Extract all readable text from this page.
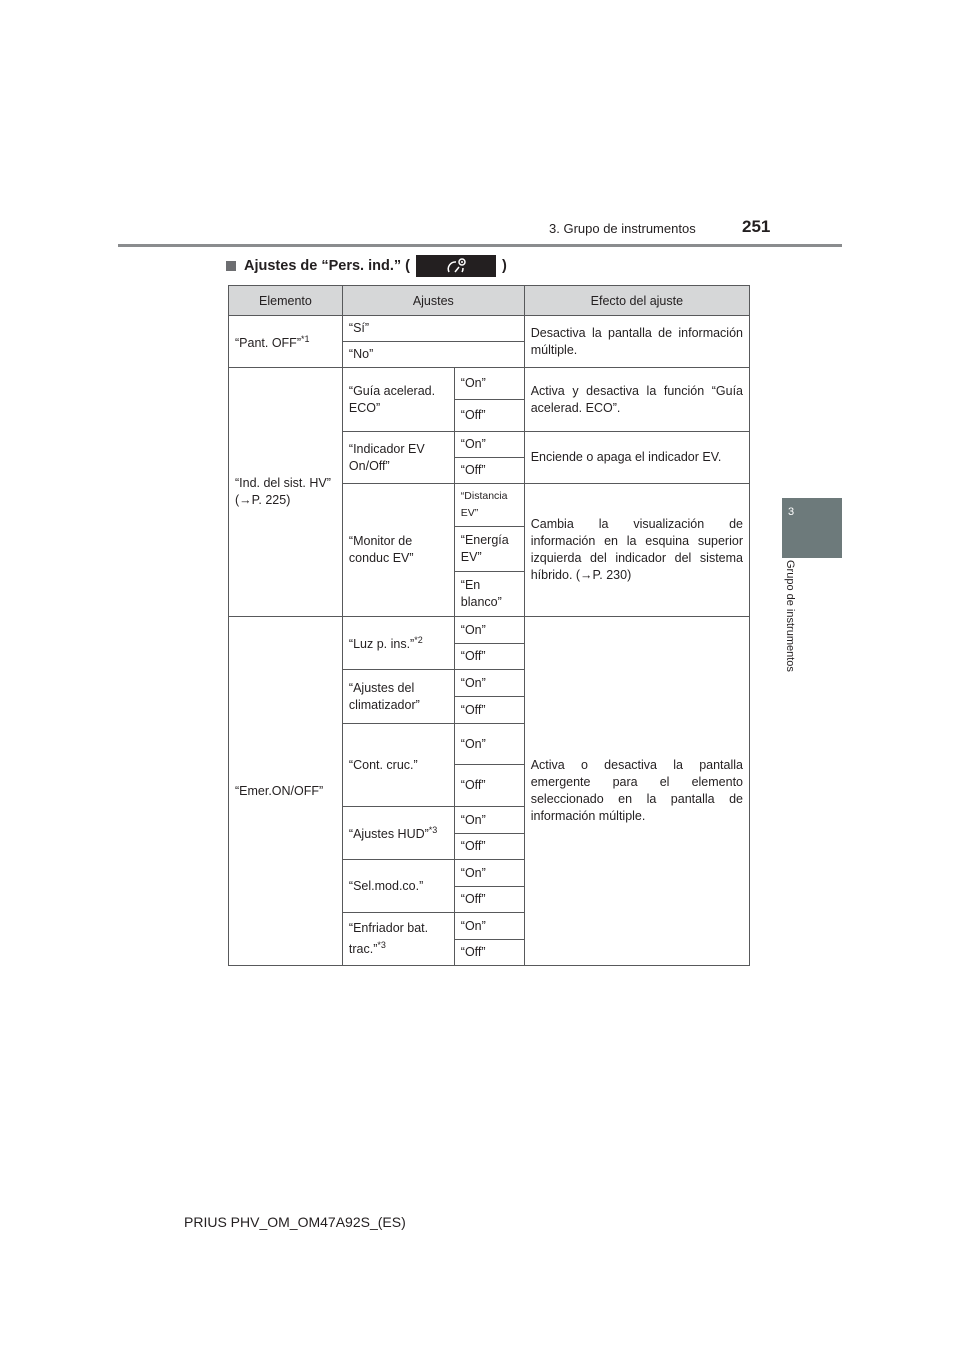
3. Grupo de instrumentos	251
3
Grupo de instrumentos
Ajustes de “Pers. ind.” (	)
Elemento	Ajustes		Efecto del ajuste
“Pant. OFF”$^{*1}$	“Sí”		Desactiva la pantalla de información múltiple.
	“No”		
“Ind. del sist. HV” (→P. 225)	“Guía acelerad. ECO”	“On”	Activa y desactiva la función “Guía acelerad. ECO”.
		“Off”	
	“Indicador EV On/Off”	“On”	Enciende o apaga el indicador EV.
		“Off”	
	“Monitor de conduc EV”	“Distancia EV”	Cambia la visualización de información en la esquina superior izquierda del indicador del sistema híbrido. (→P. 230)
		“Energía EV”	
		“En blanco”	
“Emer.ON/OFF”	“Luz p. ins.”$^{*2}$	“On”	Activa o desactiva la pantalla emergente para el elemento seleccionado en la pantalla de información múltiple.
		“Off”	
	“Ajustes del climatizador”	“On”	
		“Off”	
	“Cont. cruc.”	“On”	
		“Off”	
	“Ajustes HUD”$^{*3}$	“On”	
		“Off”	
	“Sel.mod.co.”	“On”	
		“Off”	
	“Enfriador bat. trac.”$^{*3}$	“On”	
		“Off”	
PRIUS PHV_OM_OM47A92S_(ES)
